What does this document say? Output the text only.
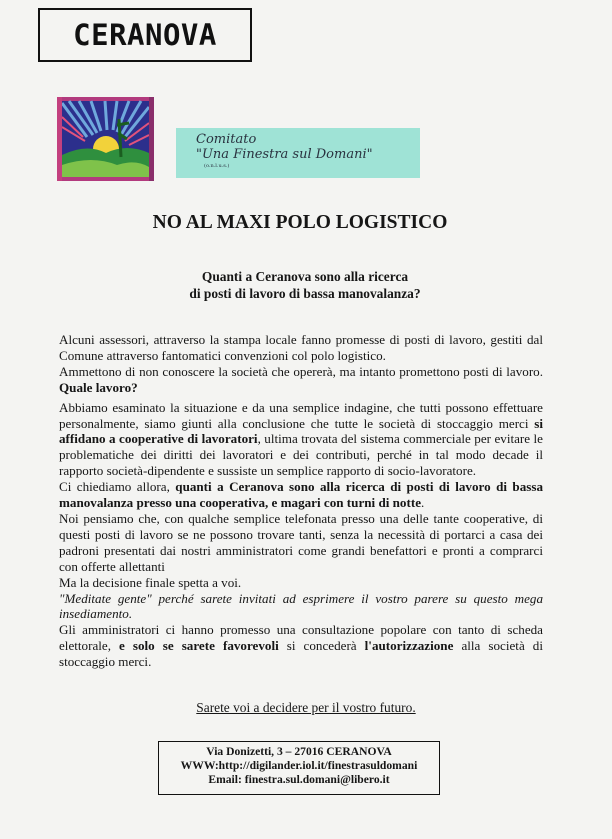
CERANOVA
Comitato
"Una Finestra sul Domani"
(o.n.l.u.s.)
NO AL MAXI POLO LOGISTICO
Quanti a Ceranova sono alla ricerca
di posti di lavoro di bassa manovalanza?

Alcuni assessori, attraverso la stampa locale fanno promesse di posti di lavoro, gestiti dal Comune attraverso fantomatici convenzioni col polo logistico.

Ammettono di non conoscere la società che opererà, ma intanto promettono posti di lavoro. Quale lavoro?

Abbiamo esaminato la situazione e da una semplice indagine, che tutti possono effettuare personalmente, siamo giunti alla conclusione che tutte le società di stoccaggio merci si affidano a cooperative di lavoratori, ultima trovata del sistema commerciale per evitare le problematiche dei diritti dei lavoratori e dei contributi, perché in tal modo decade il rapporto società-dipendente e sussiste un semplice rapporto di socio-lavoratore.

Ci chiediamo allora, quanti a Ceranova sono alla ricerca di posti di lavoro di bassa manovalanza presso una cooperativa, e magari con turni di notte.

Noi pensiamo che, con qualche semplice telefonata presso una delle tante cooperative, di questi posti di lavoro se ne possono trovare tanti, senza la necessità di portarci a casa dei padroni presentati dai nostri amministratori come grandi benefattori e pronti a comprarci con offerte allettanti

Ma la decisione finale spetta a voi.

"Meditate gente" perché sarete invitati ad esprimere il vostro parere su questo mega insediamento.

Gli amministratori ci hanno promesso una consultazione popolare con tanto di scheda elettorale, e solo se sarete favorevoli si concederà l'autorizzazione alla società di stoccaggio merci.

Sarete voi a decidere per il vostro futuro.
Via Donizetti, 3 – 27016 CERANOVA
WWW:http://digilander.iol.it/finestrasuldomani
Email: finestra.sul.domani@libero.it
